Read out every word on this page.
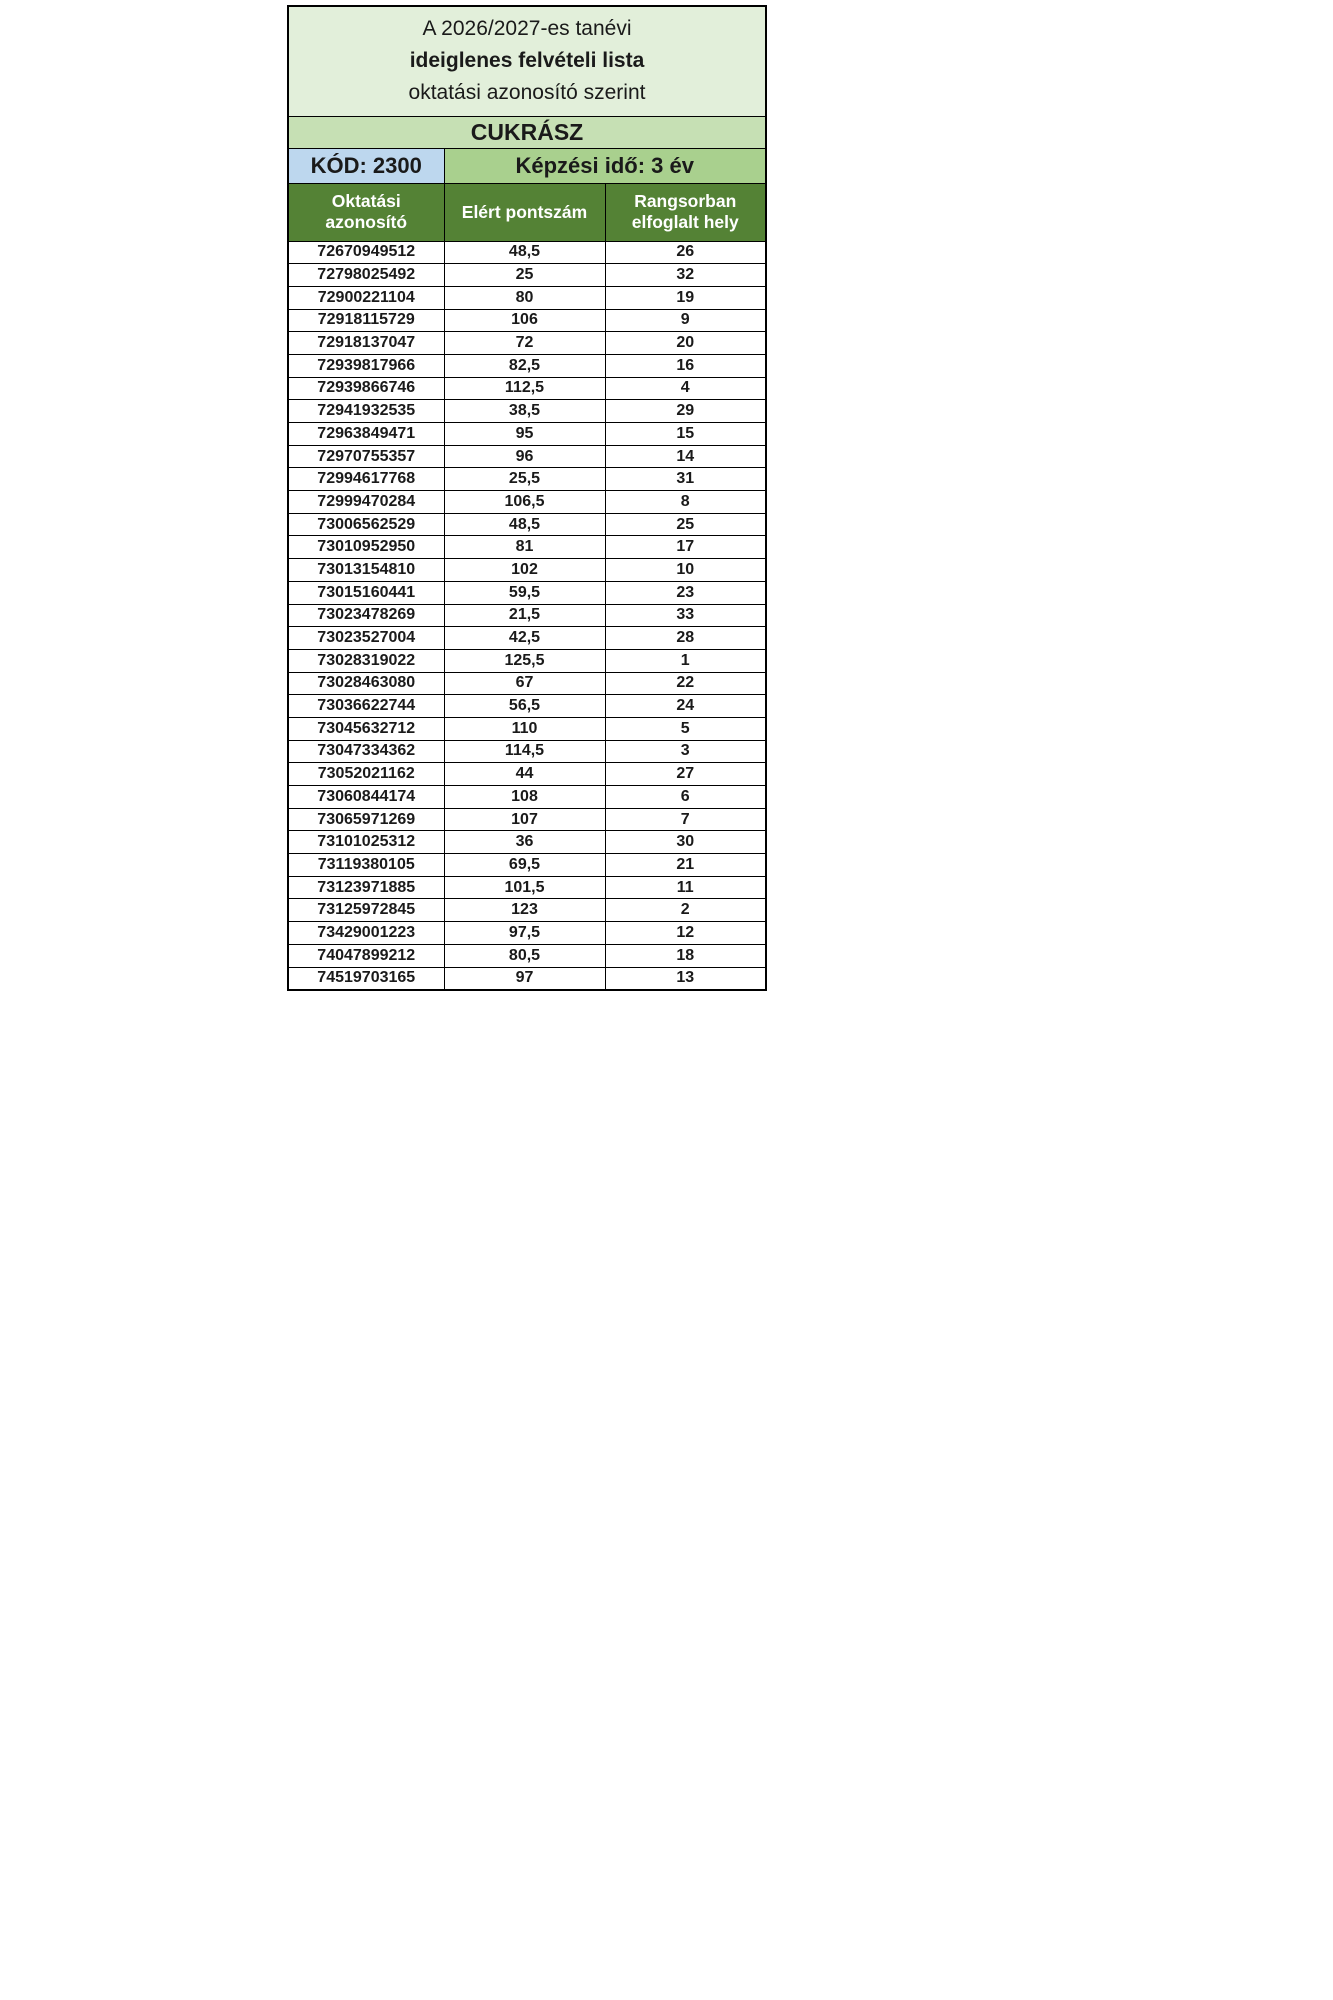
A 2026/2027-es tanévi
ideiglenes felvételi lista
oktatási azonosító szerint		

CUKRÁSZ		
KÓD: 2300	Képzési idő: 3 év	
Oktatási azonosító	Elért pontszám	Rangsorban elfoglalt hely
72670949512	48,5	26
72798025492	25	32
72900221104	80	19
72918115729	106	9
72918137047	72	20
72939817966	82,5	16
72939866746	112,5	4
72941932535	38,5	29
72963849471	95	15
72970755357	96	14
72994617768	25,5	31
72999470284	106,5	8
73006562529	48,5	25
73010952950	81	17
73013154810	102	10
73015160441	59,5	23
73023478269	21,5	33
73023527004	42,5	28
73028319022	125,5	1
73028463080	67	22
73036622744	56,5	24
73045632712	110	5
73047334362	114,5	3
73052021162	44	27
73060844174	108	6
73065971269	107	7
73101025312	36	30
73119380105	69,5	21
73123971885	101,5	11
73125972845	123	2
73429001223	97,5	12
74047899212	80,5	18
74519703165	97	13
